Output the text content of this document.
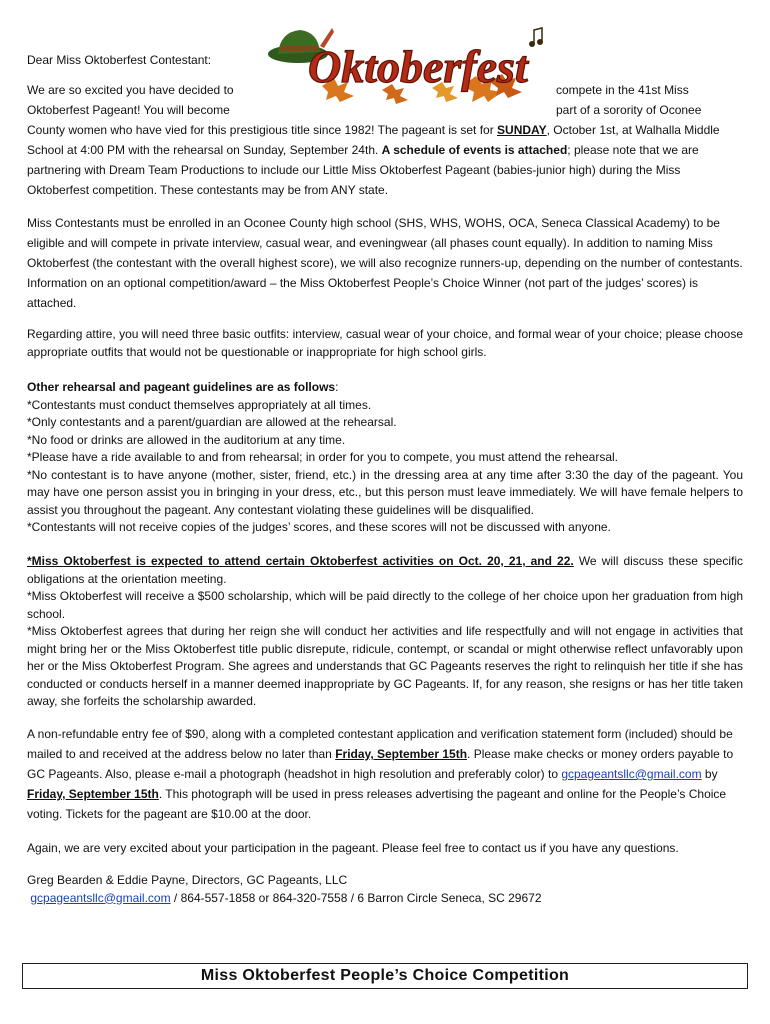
Oktoberfest

Dear Miss Oktoberfest Contestant:

We are so excited you have decided to	compete in the 41st Miss
Oktoberfest Pageant! You will become	part of a sorority of Oconee

County women who have vied for this prestigious title since 1982! The pageant is set for SUNDAY, October 1st, at Walhalla Middle School at 4:00 PM with the rehearsal on Sunday, September 24th. A schedule of events is attached; please note that we are partnering with Dream Team Productions to include our Little Miss Oktoberfest Pageant (babies-junior high) during the Miss Oktoberfest competition. These contestants may be from ANY state.

Miss Contestants must be enrolled in an Oconee County high school (SHS, WHS, WOHS, OCA, Seneca Classical Academy) to be eligible and will compete in private interview, casual wear, and eveningwear (all phases count equally). In addition to naming Miss Oktoberfest (the contestant with the overall highest score), we will also recognize runners-up, depending on the number of contestants. Information on an optional competition/award – the Miss Oktoberfest People’s Choice Winner (not part of the judges’ scores) is attached.

Regarding attire, you will need three basic outfits: interview, casual wear of your choice, and formal wear of your choice; please choose appropriate outfits that would not be questionable or inappropriate for high school girls.

Other rehearsal and pageant guidelines are as follows:
*Contestants must conduct themselves appropriately at all times.
*Only contestants and a parent/guardian are allowed at the rehearsal.
*No food or drinks are allowed in the auditorium at any time.
*Please have a ride available to and from rehearsal; in order for you to compete, you must attend the rehearsal.
*No contestant is to have anyone (mother, sister, friend, etc.) in the dressing area at any time after 3:30 the day of the pageant. You may have one person assist you in bringing in your dress, etc., but this person must leave immediately. We will have female helpers to assist you throughout the pageant. Any contestant violating these guidelines will be disqualified.
*Contestants will not receive copies of the judges’ scores, and these scores will not be discussed with anyone.
*Miss Oktoberfest is expected to attend certain Oktoberfest activities on Oct. 20, 21, and 22. We will discuss these specific obligations at the orientation meeting.
*Miss Oktoberfest will receive a $500 scholarship, which will be paid directly to the college of her choice upon her graduation from high school.
*Miss Oktoberfest agrees that during her reign she will conduct her activities and life respectfully and will not engage in activities that might bring her or the Miss Oktoberfest title public disrepute, ridicule, contempt, or scandal or might otherwise reflect unfavorably upon her or the Miss Oktoberfest Program. She agrees and understands that GC Pageants reserves the right to relinquish her title if she has conducted or conducts herself in a manner deemed inappropriate by GC Pageants. If, for any reason, she resigns or has her title taken away, she forfeits the scholarship awarded.

A non-refundable entry fee of $90, along with a completed contestant application and verification statement form (included) should be mailed to and received at the address below no later than Friday, September 15th. Please make checks or money orders payable to GC Pageants. Also, please e-mail a photograph (headshot in high resolution and preferably color) to gcpageantsllc@gmail.com by Friday, September 15th. This photograph will be used in press releases advertising the pageant and online for the People’s Choice voting. Tickets for the pageant are $10.00 at the door.

Again, we are very excited about your participation in the pageant. Please feel free to contact us if you have any questions.

Greg Bearden & Eddie Payne, Directors, GC Pageants, LLC
gcpageantsllc@gmail.com / 864-557-1858 or 864-320-7558 / 6 Barron Circle Seneca, SC 29672
Miss Oktoberfest People’s Choice Competition
